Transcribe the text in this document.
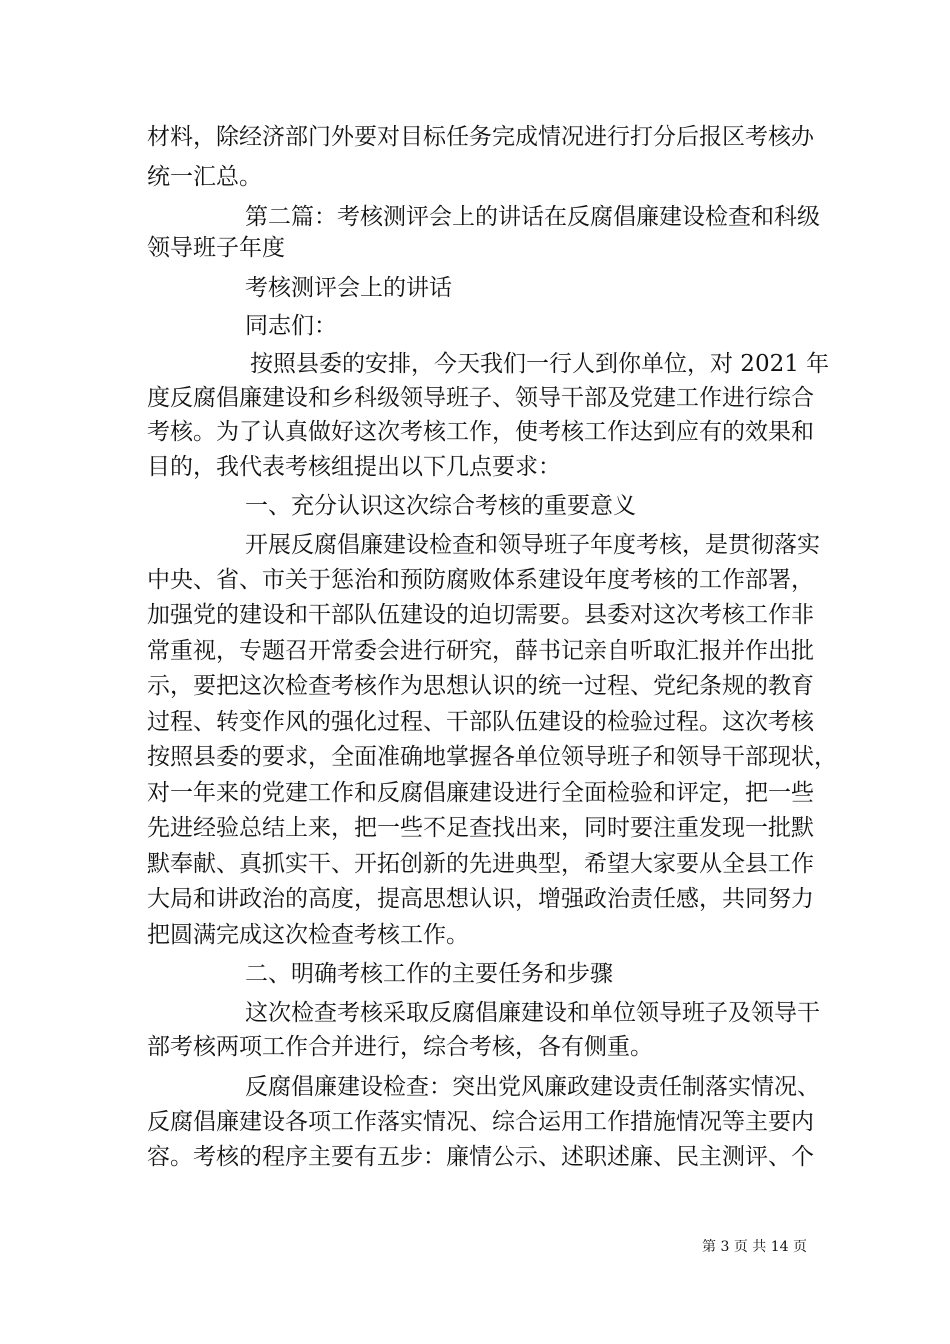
材料，除经济部门外要对目标任务完成情况进行打分后报区考核办
统一汇总。
第二篇：考核测评会上的讲话在反腐倡廉建设检查和科级
领导班子年度
考核测评会上的讲话
同志们：
按照县委的安排，今天我们一行人到你单位，对 2021 年
度反腐倡廉建设和乡科级领导班子、领导干部及党建工作进行综合
考核。为了认真做好这次考核工作，使考核工作达到应有的效果和
目的，我代表考核组提出以下几点要求：
一、充分认识这次综合考核的重要意义
开展反腐倡廉建设检查和领导班子年度考核，是贯彻落实
中央、省、市关于惩治和预防腐败体系建设年度考核的工作部署，
加强党的建设和干部队伍建设的迫切需要。县委对这次考核工作非
常重视，专题召开常委会进行研究，薛书记亲自听取汇报并作出批
示，要把这次检查考核作为思想认识的统一过程、党纪条规的教育
过程、转变作风的强化过程、干部队伍建设的检验过程。这次考核
按照县委的要求，全面准确地掌握各单位领导班子和领导干部现状，
对一年来的党建工作和反腐倡廉建设进行全面检验和评定，把一些
先进经验总结上来，把一些不足查找出来，同时要注重发现一批默
默奉献、真抓实干、开拓创新的先进典型，希望大家要从全县工作
大局和讲政治的高度，提高思想认识，增强政治责任感，共同努力
把圆满完成这次检查考核工作。
二、明确考核工作的主要任务和步骤
这次检查考核采取反腐倡廉建设和单位领导班子及领导干
部考核两项工作合并进行，综合考核，各有侧重。
反腐倡廉建设检查：突出党风廉政建设责任制落实情况、
反腐倡廉建设各项工作落实情况、综合运用工作措施情况等主要内
容。考核的程序主要有五步：廉情公示、述职述廉、民主测评、个
第 3 页 共 14 页
